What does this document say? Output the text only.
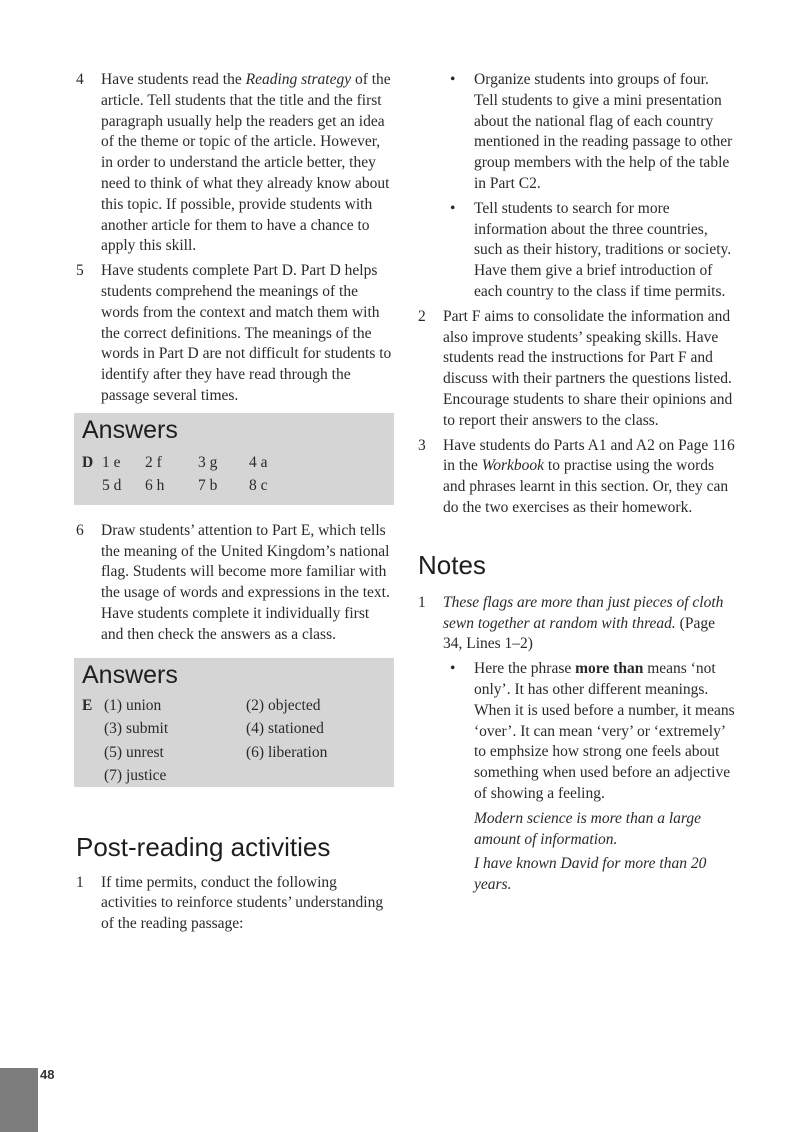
4 Have students read the Reading strategy of the article. Tell students that the title and the first paragraph usually help the readers get an idea of the theme or topic of the article. However, in order to understand the article better, they need to think of what they already know about this topic. If possible, provide students with another article for them to have a chance to apply this skill.
5 Have students complete Part D. Part D helps students comprehend the meanings of the words from the context and match them with the correct definitions. The meanings of the words in Part D are not difficult for students to identify after they have read through the passage several times.
Answers
D 1 e	2 f	3 g	4 a
5 d	6 h	7 b	8 c
6 Draw students’ attention to Part E, which tells the meaning of the United Kingdom’s national flag. Students will become more familiar with the usage of words and expressions in the text. Have students complete it individually first and then check the answers as a class.
Answers
E (1) union	(2) objected
(3) submit	(4) stationed
(5) unrest	(6) liberation
(7) justice
Post-reading activities
1 If time permits, conduct the following activities to reinforce students’ understanding of the reading passage:
• Organize students into groups of four. Tell students to give a mini presentation about the national flag of each country mentioned in the reading passage to other group members with the help of the table in Part C2.
• Tell students to search for more information about the three countries, such as their history, traditions or society. Have them give a brief introduction of each country to the class if time permits.
2 Part F aims to consolidate the information and also improve students’ speaking skills. Have students read the instructions for Part F and discuss with their partners the questions listed. Encourage students to share their opinions and to report their answers to the class.
3 Have students do Parts A1 and A2 on Page 116 in the Workbook to practise using the words and phrases learnt in this section. Or, they can do the two exercises as their homework.
Notes
1 These flags are more than just pieces of cloth sewn together at random with thread. (Page 34, Lines 1–2)
• Here the phrase more than means ‘not only’. It has other different meanings. When it is used before a number, it means ‘over’. It can mean ‘very’ or ‘extremely’ to emphsize how strong one feels about something when used before an adjective of showing a feeling.
Modern science is more than a large amount of information.
I have known David for more than 20 years.
48
